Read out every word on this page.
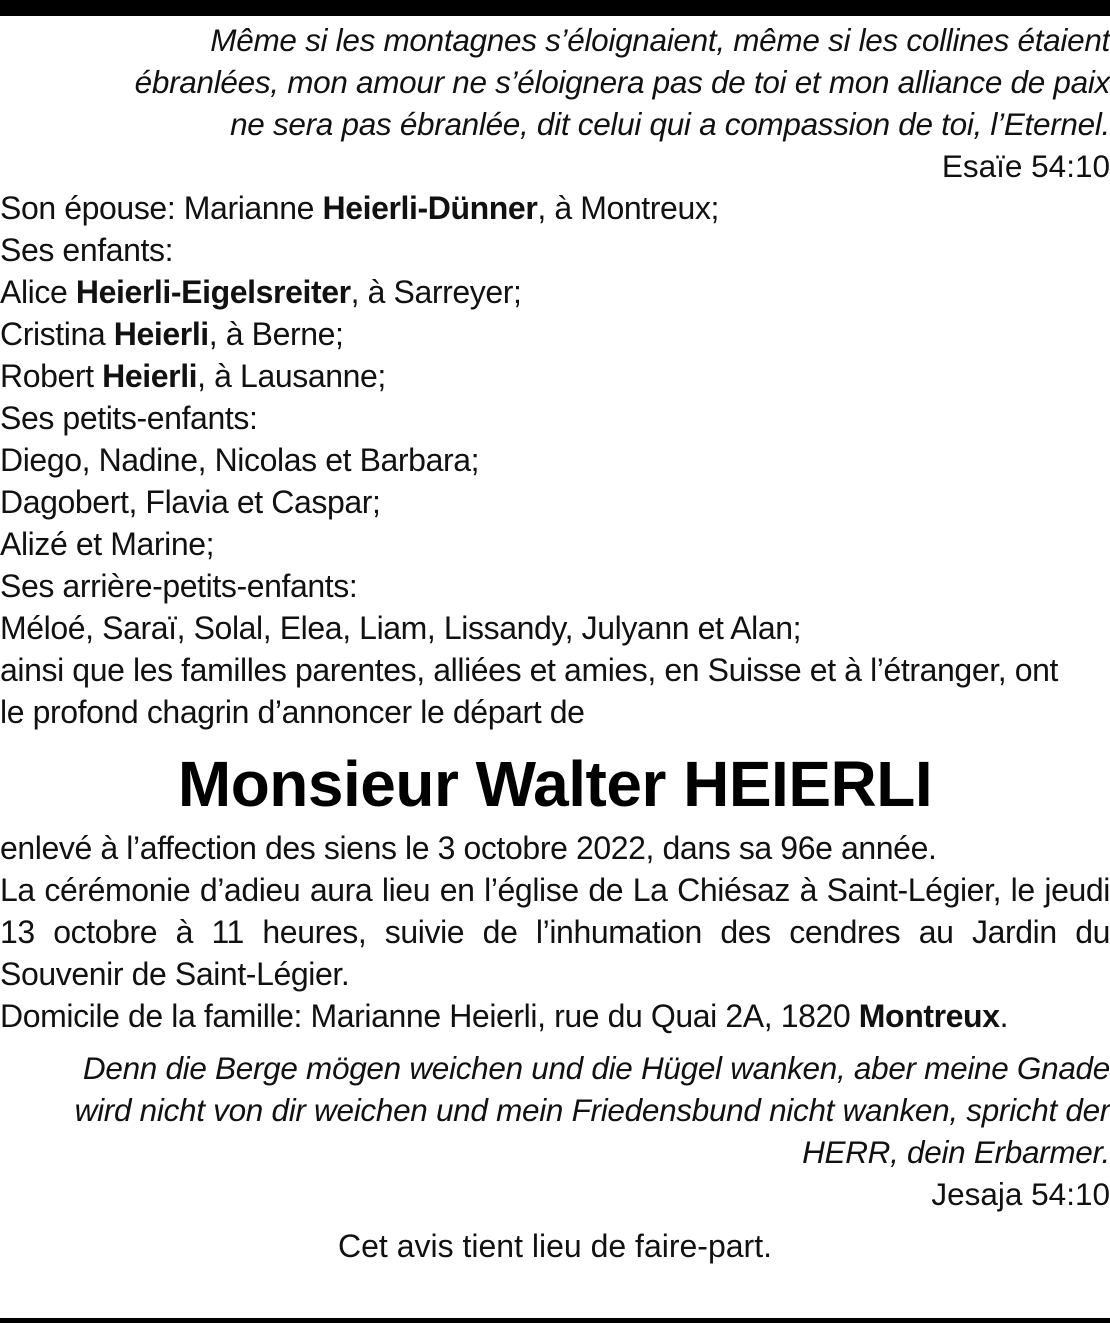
Même si les montagnes s’éloignaient, même si les collines étaient
ébranlées, mon amour ne s’éloignera pas de toi et mon alliance de paix
ne sera pas ébranlée, dit celui qui a compassion de toi, l’Eternel.
Esaïe 54:10
Son épouse: Marianne Heierli-Dünner, à Montreux;
Ses enfants:
Alice Heierli-Eigelsreiter, à Sarreyer;
Cristina Heierli, à Berne;
Robert Heierli, à Lausanne;
Ses petits-enfants:
Diego, Nadine, Nicolas et Barbara;
Dagobert, Flavia et Caspar;
Alizé et Marine;
Ses arrière-petits-enfants:
Méloé, Saraï, Solal, Elea, Liam, Lissandy, Julyann et Alan;
ainsi que les familles parentes, alliées et amies, en Suisse et à l’étranger, ont
le profond chagrin d’annoncer le départ de
Monsieur Walter HEIERLI
enlevé à l’affection des siens le 3 octobre 2022, dans sa 96e année.
La cérémonie d’adieu aura lieu en l’église de La Chiésaz à Saint-Légier, le jeudi 13 octobre à 11 heures, suivie de l’inhumation des cendres au Jardin du Souvenir de Saint-Légier.
Domicile de la famille: Marianne Heierli, rue du Quai 2A, 1820 Montreux.
Denn die Berge mögen weichen und die Hügel wanken, aber meine Gnade
wird nicht von dir weichen und mein Friedensbund nicht wanken, spricht der
HERR, dein Erbarmer.
Jesaja 54:10
Cet avis tient lieu de faire-part.
